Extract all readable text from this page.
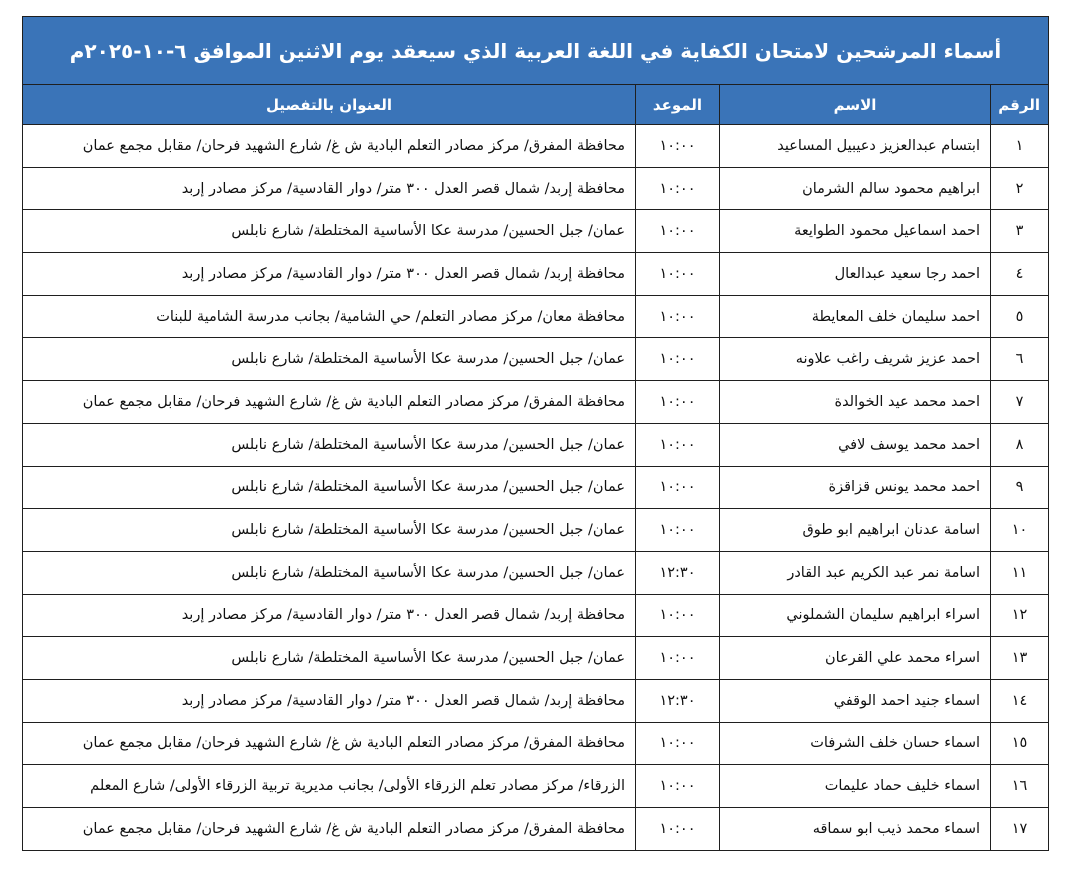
أسماء المرشحين لامتحان الكفاية في اللغة العربية الذي سيعقد يوم الاثنين الموافق ٦-١٠-٢٠٢٥م			
الرقم	الاسم	الموعد	العنوان بالتفصيل
١	ابتسام عبدالعزيز دعيبيل المساعيد	١٠:٠٠	محافظة المفرق/ مركز مصادر التعلم البادية ش غ/ شارع الشهيد فرحان/ مقابل مجمع عمان
٢	ابراهيم محمود سالم الشرمان	١٠:٠٠	محافظة إربد/ شمال قصر العدل ٣٠٠ متر/ دوار القادسية/ مركز مصادر إربد
٣	احمد اسماعيل محمود الطوايعة	١٠:٠٠	عمان/ جبل الحسين/ مدرسة عكا الأساسية المختلطة/ شارع نابلس
٤	احمد رجا سعيد عبدالعال	١٠:٠٠	محافظة إربد/ شمال قصر العدل ٣٠٠ متر/ دوار القادسية/ مركز مصادر إربد
٥	احمد سليمان خلف المعايطة	١٠:٠٠	محافظة معان/ مركز مصادر التعلم/ حي الشامية/ بجانب مدرسة الشامية للبنات
٦	احمد عزيز شريف راغب علاونه	١٠:٠٠	عمان/ جبل الحسين/ مدرسة عكا الأساسية المختلطة/ شارع نابلس
٧	احمد محمد عيد الخوالدة	١٠:٠٠	محافظة المفرق/ مركز مصادر التعلم البادية ش غ/ شارع الشهيد فرحان/ مقابل مجمع عمان
٨	احمد محمد يوسف لافي	١٠:٠٠	عمان/ جبل الحسين/ مدرسة عكا الأساسية المختلطة/ شارع نابلس
٩	احمد محمد يونس قزاقزة	١٠:٠٠	عمان/ جبل الحسين/ مدرسة عكا الأساسية المختلطة/ شارع نابلس
١٠	اسامة عدنان ابراهيم ابو طوق	١٠:٠٠	عمان/ جبل الحسين/ مدرسة عكا الأساسية المختلطة/ شارع نابلس
١١	اسامة نمر عبد الكريم عبد القادر	١٢:٣٠	عمان/ جبل الحسين/ مدرسة عكا الأساسية المختلطة/ شارع نابلس
١٢	اسراء ابراهيم سليمان الشملوني	١٠:٠٠	محافظة إربد/ شمال قصر العدل ٣٠٠ متر/ دوار القادسية/ مركز مصادر إربد
١٣	اسراء محمد علي القرعان	١٠:٠٠	عمان/ جبل الحسين/ مدرسة عكا الأساسية المختلطة/ شارع نابلس
١٤	اسماء جنيد احمد الوقفي	١٢:٣٠	محافظة إربد/ شمال قصر العدل ٣٠٠ متر/ دوار القادسية/ مركز مصادر إربد
١٥	اسماء حسان خلف الشرفات	١٠:٠٠	محافظة المفرق/ مركز مصادر التعلم البادية ش غ/ شارع الشهيد فرحان/ مقابل مجمع عمان
١٦	اسماء خليف حماد عليمات	١٠:٠٠	الزرقاء/ مركز مصادر تعلم الزرقاء الأولى/ بجانب مديرية تربية الزرقاء الأولى/ شارع المعلم
١٧	اسماء محمد ذيب ابو سماقه	١٠:٠٠	محافظة المفرق/ مركز مصادر التعلم البادية ش غ/ شارع الشهيد فرحان/ مقابل مجمع عمان
